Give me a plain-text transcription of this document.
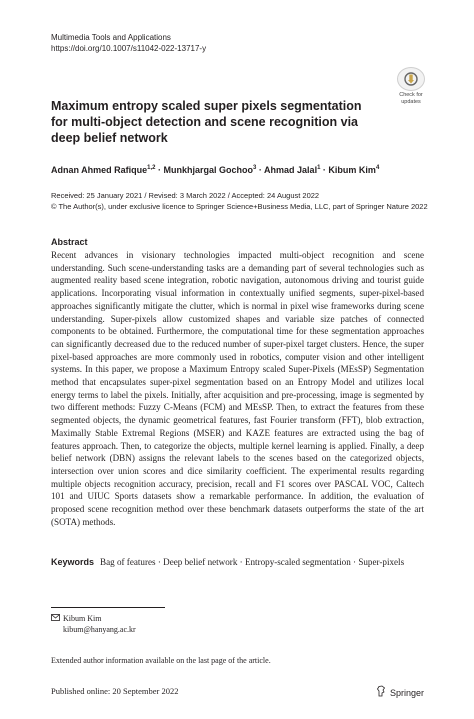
Multimedia Tools and Applications
https://doi.org/10.1007/s11042-022-13717-y
Check for
updates
Maximum entropy scaled super pixels segmentation for multi-object detection and scene recognition via deep belief network
Adnan Ahmed Rafique$^{1,2}$ · Munkhjargal Gochoo$^3$ · Ahmad Jalal$^1$ · Kibum Kim$^4$
Received: 25 January 2021 / Revised: 3 March 2022 / Accepted: 24 August 2022
© The Author(s), under exclusive licence to Springer Science+Business Media, LLC, part of Springer Nature 2022
Abstract

Recent advances in visionary technologies impacted multi-object recognition and scene understanding. Such scene-understanding tasks are a demanding part of several technologies such as augmented reality based scene integration, robotic navigation, autonomous driving and tourist guide applications. Incorporating visual information in contextually unified segments, super-pixel-based approaches significantly mitigate the clutter, which is normal in pixel wise frameworks during scene understanding. Super-pixels allow customized shapes and variable size patches of connected components to be obtained. Furthermore, the computational time for these segmentation approaches can significantly decreased due to the reduced number of super-pixel target clusters. Hence, the super pixel-based approaches are more commonly used in robotics, computer vision and other intelligent systems. In this paper, we propose a Maximum Entropy scaled Super-Pixels (MEsSP) Segmentation method that encapsulates super-pixel segmentation based on an Entropy Model and utilizes local energy terms to label the pixels. Initially, after acquisition and pre-processing, image is segmented by two different methods: Fuzzy C-Means (FCM) and MEsSP. Then, to extract the features from these segmented objects, the dynamic geometrical features, fast Fourier transform (FFT), blob extraction, Maximally Stable Extremal Regions (MSER) and KAZE features are extracted using the bag of features approach. Then, to categorize the objects, multiple kernel learning is applied. Finally, a deep belief network (DBN) assigns the relevant labels to the scenes based on the categorized objects, intersection over union scores and dice similarity coefficient. The experimental results regarding multiple objects recognition accuracy, precision, recall and F1 scores over PASCAL VOC, Caltech 101 and UIUC Sports datasets show a remarkable performance. In addition, the evaluation of proposed scene recognition method over these benchmark datasets outperforms the state of the art (SOTA) methods.

Keywords Bag of features · Deep belief network · Entropy-scaled segmentation · Super-pixels
Kibum Kim
kibum@hanyang.ac.kr
Extended author information available on the last page of the article.
Published online: 20 September 2022	Springer
